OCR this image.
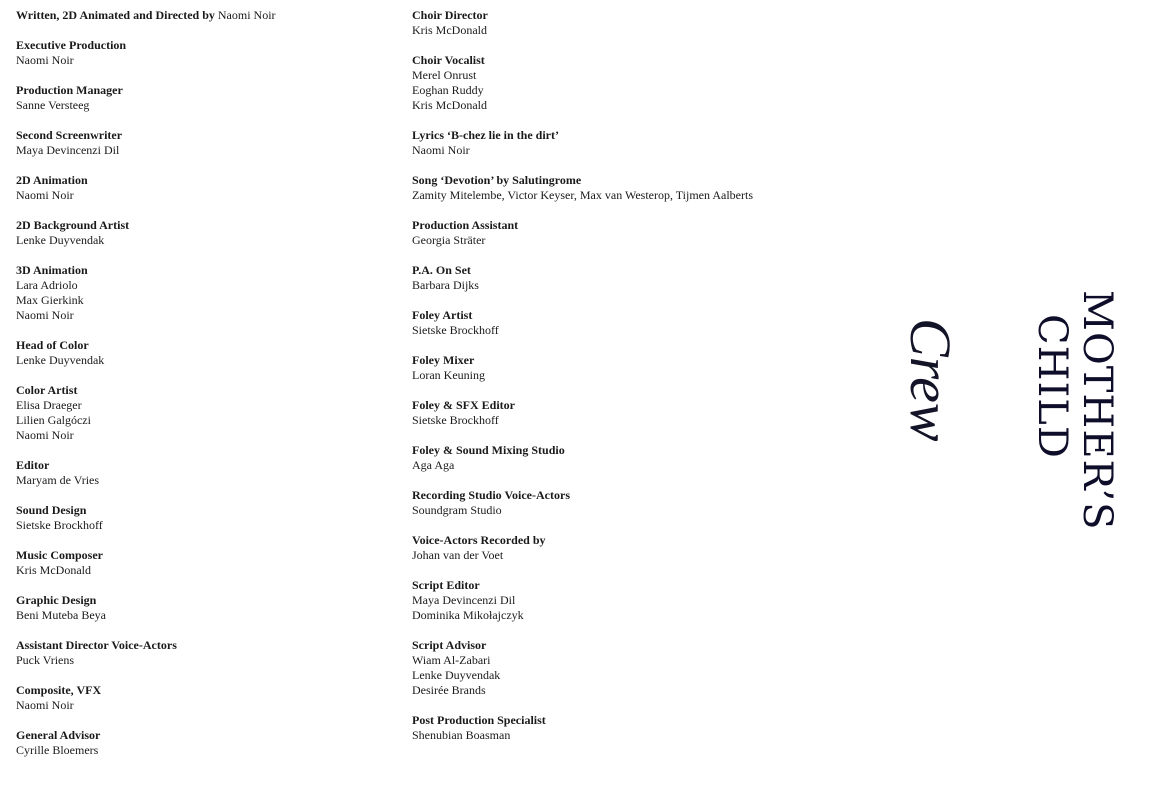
Written, 2D Animated and Directed by Naomi Noir
Executive Production
Naomi Noir
Production Manager
Sanne Versteeg
Second Screenwriter
Maya Devincenzi Dil
2D Animation
Naomi Noir
2D Background Artist
Lenke Duyvendak
3D Animation
Lara Adriolo
Max Gierkink
Naomi Noir
Head of Color
Lenke Duyvendak
Color Artist
Elisa Draeger
Lilien Galgóczi
Naomi Noir
Editor
Maryam de Vries
Sound Design
Sietske Brockhoff
Music Composer
Kris McDonald
Graphic Design
Beni Muteba Beya
Assistant Director Voice-Actors
Puck Vriens
Composite, VFX
Naomi Noir
General Advisor
Cyrille Bloemers
Choir Director
Kris McDonald
Choir Vocalist
Merel Onrust
Eoghan Ruddy
Kris McDonald
Lyrics ‘B-chez lie in the dirt’
Naomi Noir
Song ‘Devotion’ by Salutingrome
Zamity Mitelembe, Victor Keyser, Max van Westerop, Tijmen Aalberts
Production Assistant
Georgia Sträter
P.A. On Set
Barbara Dijks
Foley Artist
Sietske Brockhoff
Foley Mixer
Loran Keuning
Foley & SFX Editor
Sietske Brockhoff
Foley & Sound Mixing Studio
Aga Aga
Recording Studio Voice-Actors
Soundgram Studio
Voice-Actors Recorded by
Johan van der Voet
Script Editor
Maya Devincenzi Dil
Dominika Mikołajczyk
Script Advisor
Wiam Al-Zabari
Lenke Duyvendak
Desirée Brands
Post Production Specialist
Shenubian Boasman
MOTHER’S
CHILD
Crew
